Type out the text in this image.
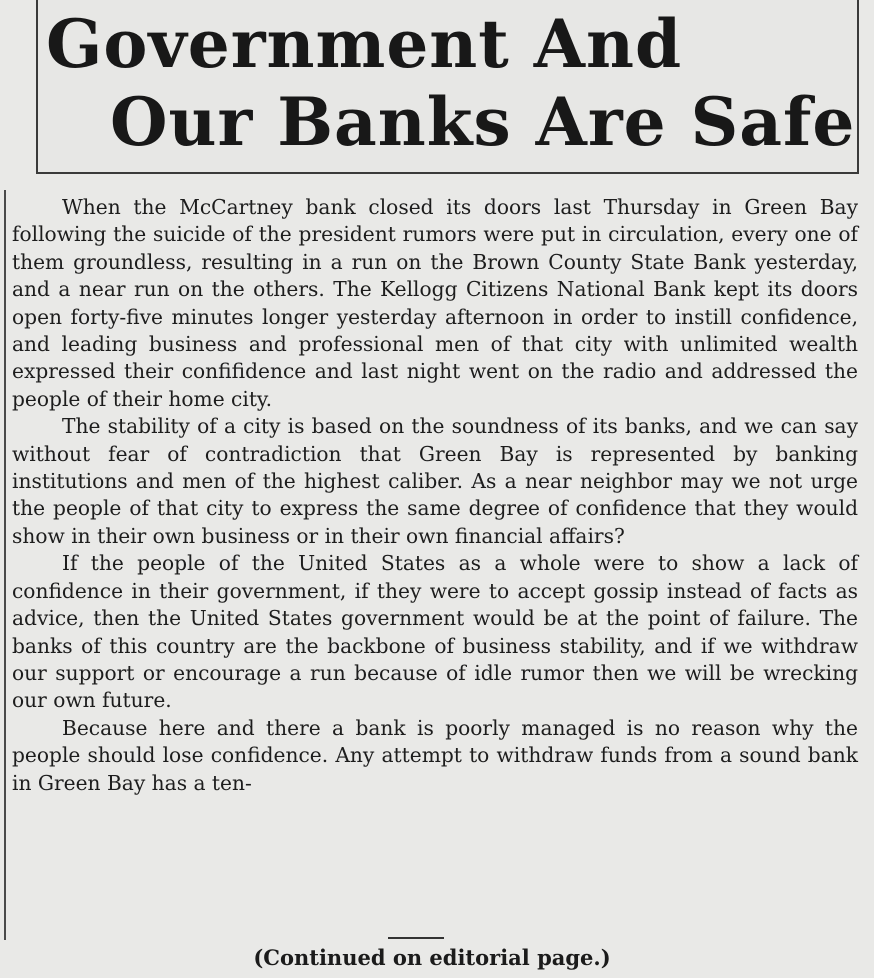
Government And
Our Banks Are Safe

When the McCartney bank closed its doors last Thursday in Green Bay following the suicide of the president rumors were put in circulation, every one of them groundless, resulting in a run on the Brown County State Bank yesterday, and a near run on the others. The Kellogg Citizens National Bank kept its doors open forty-five minutes longer yesterday afternoon in order to instill confidence, and leading business and professional men of that city with unlimited wealth expressed their confifidence and last night went on the radio and addressed the people of their home city.

The stability of a city is based on the soundness of its banks, and we can say without fear of contradiction that Green Bay is represented by banking institutions and men of the highest caliber. As a near neighbor may we not urge the people of that city to express the same degree of confidence that they would show in their own business or in their own financial affairs?

If the people of the United States as a whole were to show a lack of confidence in their government, if they were to accept gossip instead of facts as advice, then the United States government would be at the point of failure. The banks of this country are the backbone of business stability, and if we withdraw our support or encourage a run because of idle rumor then we will be wrecking our own future.

Because here and there a bank is poorly managed is no reason why the people should lose confidence. Any attempt to withdraw funds from a sound bank in Green Bay has a ten-

(Continued on editorial page.)
